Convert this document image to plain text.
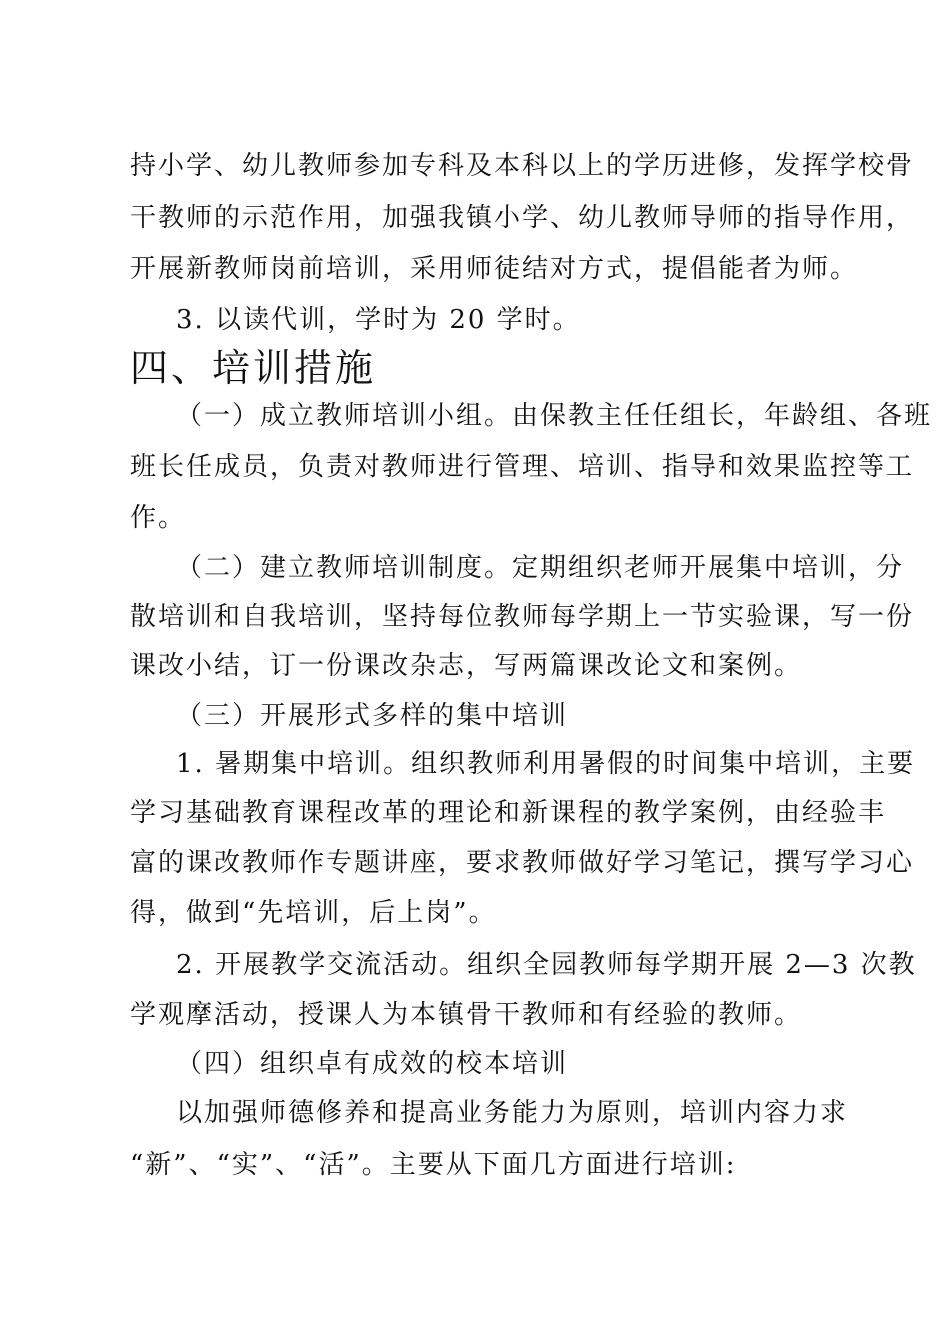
持小学、幼儿教师参加专科及本科以上的学历进修，发挥学校骨
干教师的示范作用，加强我镇小学、幼儿教师导师的指导作用，
开展新教师岗前培训，采用师徒结对方式，提倡能者为师。
3. 以读代训，学时为 20 学时。
四、培训措施
（一）成立教师培训小组。由保教主任任组长，年龄组、各班
班长任成员，负责对教师进行管理、培训、指导和效果监控等工
作。
（二）建立教师培训制度。定期组织老师开展集中培训，分
散培训和自我培训，坚持每位教师每学期上一节实验课，写一份
课改小结，订一份课改杂志，写两篇课改论文和案例。
（三）开展形式多样的集中培训
1. 暑期集中培训。组织教师利用暑假的时间集中培训，主要
学习基础教育课程改革的理论和新课程的教学案例，由经验丰
富的课改教师作专题讲座，要求教师做好学习笔记，撰写学习心
得，做到“先培训，后上岗”。
2. 开展教学交流活动。组织全园教师每学期开展 2—3 次教
学观摩活动，授课人为本镇骨干教师和有经验的教师。
（四）组织卓有成效的校本培训
以加强师德修养和提高业务能力为原则，培训内容力求
“新”、“实”、“活”。主要从下面几方面进行培训:
